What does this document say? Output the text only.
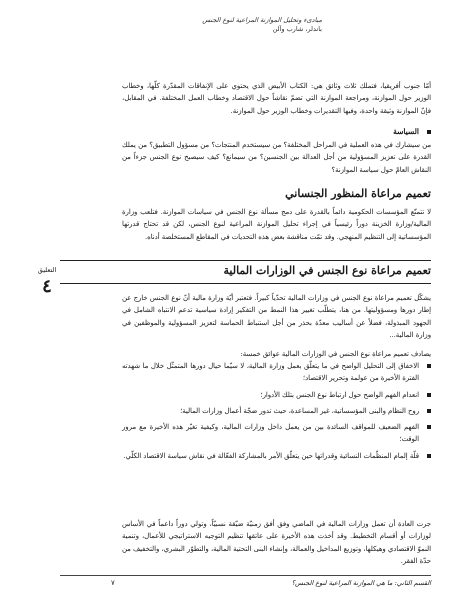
مبادىء وتحليل الموازنة المراعية لنوع الجنس
باندلر، شارب وآلن
أمّا جنوب أفريقيا، فتملك ثلاث وثائق هي: الكتاب الأبيض الذي يحتوي على الإنفاقات المقدّرة كلّها، وخطاب الوزير حول الموازنة، ومراجعة الموازنة التي تضمّ نقاشاً حول الاقتصاد وخطاب العمل المختلفة. في المقابل، فإنّ الموازنة وثيقة واحدة، وفيها التقديرات وخطاب الوزير حول الموازنة.
السياسة
من سيشارك في هذه العملية في المراحل المختلفة؟ من سيستخدم المنتجات؟ من مسؤول التطبيق؟ من يملك القدرة على تعزيز المسؤولية من أجل العدالة بين الجنسين؟ من سيمانع؟ كيف سيصبح نوع الجنس جزءاً من النقاش العامّ حول سياسة الموازنة؟
تعميم مراعاة المنظور الجنساني
لا تتمتّع المؤسسات الحكومية دائماً بالقدرة على دمج مسألة نوع الجنس في سياسات الموازنة. فتلعب وزارة المالية/وزارة الخزينة دوراً رئيسياً في إجراء تحليل الموازنة المراعية لنوع الجنس، لكن قد تحتاج قدرتها المؤسساتية إلى التنظيم المنهجي. وقد تمّت مناقشة بعض هذه التحديات في المقاطع المستخلصة أدناه.
تعميم مراعاة نوع الجنس في الوزارات المالية
التعليق
٤
يشكّل تعميم مراعاة نوع الجنس في وزارات المالية تحدّياً كبيراً. فتعتبر أيّة وزارة مالية أنّ نوع الجنس خارج عن إطار دورها ومسؤوليتها. من هنا، يتطلّب تغيير هذا النمط من التفكير إرادة سياسية تدعم الانتباه الشامل في الجهود المبذولة، فضلاً عن أساليب معدّة بحذر من أجل استنباط الحماسة لتعزيز المسؤولية والموظفين في وزارة المالية...
يصادف تعميم مراعاة نوع الجنس في الوزارات المالية عوائق خمسة:
الاخفاق إلى التحليل الواضح في ما يتعلّق بعمل وزارة المالية، لا سيّما حيال دورها المتمثّل خلال ما شهدته الفترة الأخيرة من عولمة وتحرير الاقتصاد؛
انعدام الفهم الواضح حول ارتباط نوع الجنس بتلك الأدوار؛
روح النظام والبنى المؤسساتية، غير المساعدة، حيث تدور ضجّة أعمال وزارات المالية؛
الفهم الضعيف للمواقف السائدة بين من يعمل داخل وزارات المالية، وكيفية تغيّر هذه الأخيرة مع مرور الوقت؛
قلّة إلمام المنظّمات النسائية وقدراتها حين يتعلّق الأمر بالمشاركة الفعّالة في نقاش سياسة الاقتصاد الكلّي.
جرت العادة أن تعمل وزارات المالية في الماضي وفق أفق زمنيّة ضيّقة نسبيّاً، وتولي دوراً داعماً في الأساس لوزارات أو أقسام التخطيط. وقد أخذت هذه الأخيرة على عاتقها تنظيم التوجيه الاستراتيجي للأعمال، وتنمية النموّ الاقتصادي وهيكلها، وتوزيع المداخيل والعمالة، وإنشاء البنى التحتية المالية، والتطوّر البشري، والتخفيف من حدّة الفقر.
القسم الثاني: ما هي الموازنة المراعية لنوع الجنس؟
٧
